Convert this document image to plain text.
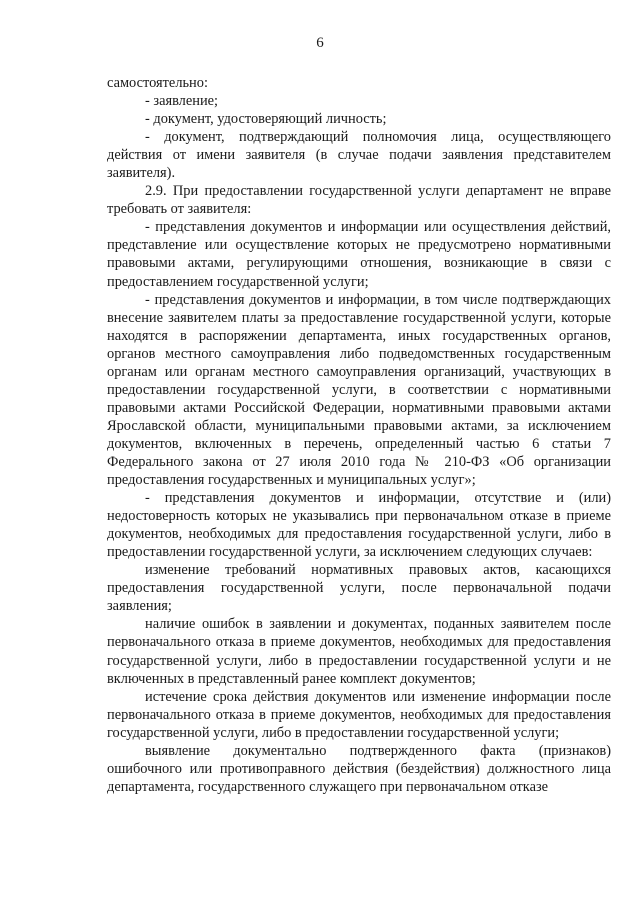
6

самостоятельно:

- заявление;

- документ, удостоверяющий личность;

- документ, подтверждающий полномочия лица, осуществляющего действия от имени заявителя (в случае подачи заявления представителем заявителя).

2.9. При предоставлении государственной услуги департамент не вправе требовать от заявителя:

- представления документов и информации или осуществления действий, представление или осуществление которых не предусмотрено нормативными правовыми актами, регулирующими отношения, возникающие в связи с предоставлением государственной услуги;

- представления документов и информации, в том числе подтверждающих внесение заявителем платы за предоставление государственной услуги, которые находятся в распоряжении департамента, иных государственных органов, органов местного самоуправления либо подведомственных государственным органам или органам местного самоуправления организаций, участвующих в предоставлении государственной услуги, в соответствии с нормативными правовыми актами Российской Федерации, нормативными правовыми актами Ярославской области, муниципальными правовыми актами, за исключением документов, включенных в перечень, определенный частью 6 статьи 7 Федерального закона от 27 июля 2010 года № 210-ФЗ «Об организации предоставления государственных и муниципальных услуг»;

- представления документов и информации, отсутствие и (или) недостоверность которых не указывались при первоначальном отказе в приеме документов, необходимых для предоставления государственной услуги, либо в предоставлении государственной услуги, за исключением следующих случаев:

изменение требований нормативных правовых актов, касающихся предоставления государственной услуги, после первоначальной подачи заявления;

наличие ошибок в заявлении и документах, поданных заявителем после первоначального отказа в приеме документов, необходимых для предоставления государственной услуги, либо в предоставлении государственной услуги и не включенных в представленный ранее комплект документов;

истечение срока действия документов или изменение информации после первоначального отказа в приеме документов, необходимых для предоставления государственной услуги, либо в предоставлении государственной услуги;

выявление документально подтвержденного факта (признаков) ошибочного или противоправного действия (бездействия) должностного лица департамента, государственного служащего при первоначальном отказе
